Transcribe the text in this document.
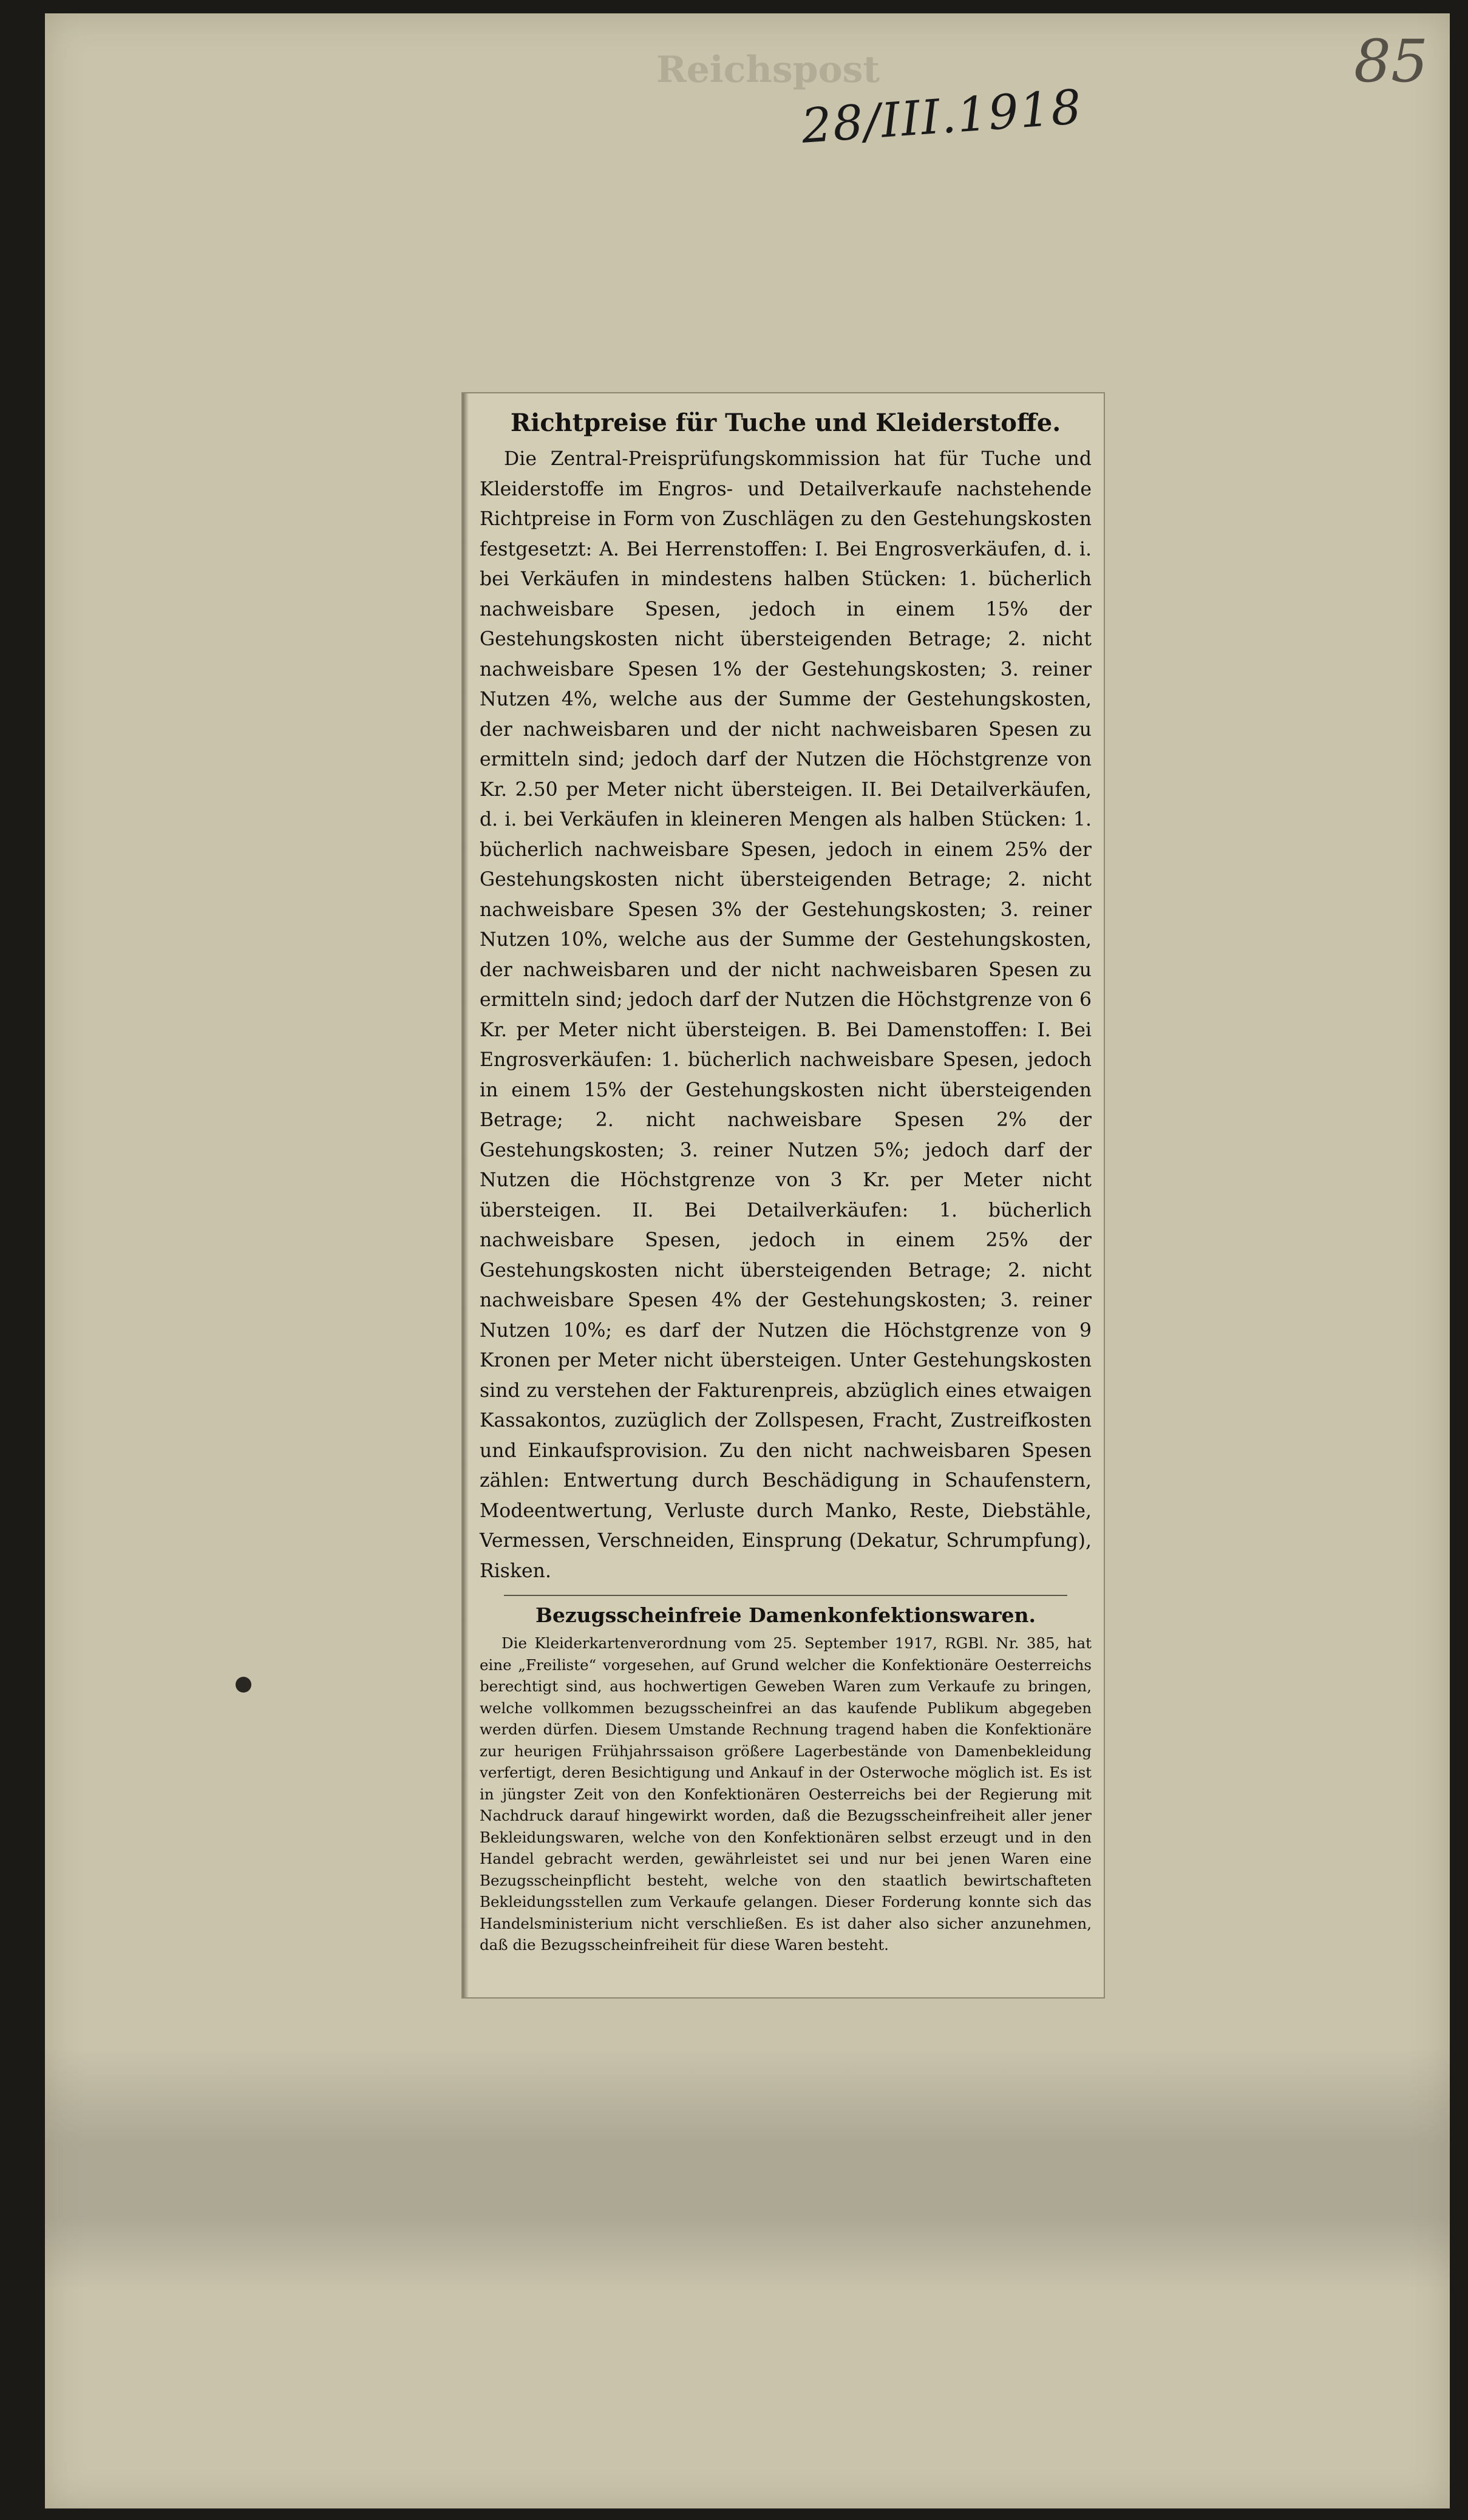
Reichspost
28/III.1918
85
Richtpreise für Tuche und Kleiderstoffe.

Die Zentral-Preisprüfungskommission hat für Tuche und Kleiderstoffe im Engros- und Detailverkaufe nachstehende Richtpreise in Form von Zuschlägen zu den Gestehungskosten festgesetzt: A. Bei Herrenstoffen: I. Bei Engrosverkäufen, d. i. bei Verkäufen in mindestens halben Stücken: 1. bücherlich nachweisbare Spesen, jedoch in einem 15% der Gestehungskosten nicht übersteigenden Betrage; 2. nicht nachweisbare Spesen 1% der Gestehungskosten; 3. reiner Nutzen 4%, welche aus der Summe der Gestehungskosten, der nachweisbaren und der nicht nachweisbaren Spesen zu ermitteln sind; jedoch darf der Nutzen die Höchstgrenze von Kr. 2.50 per Meter nicht übersteigen. II. Bei Detailverkäufen, d. i. bei Verkäufen in kleineren Mengen als halben Stücken: 1. bücherlich nachweisbare Spesen, jedoch in einem 25% der Gestehungskosten nicht übersteigenden Betrage; 2. nicht nachweisbare Spesen 3% der Gestehungskosten; 3. reiner Nutzen 10%, welche aus der Summe der Gestehungskosten, der nachweisbaren und der nicht nachweisbaren Spesen zu ermitteln sind; jedoch darf der Nutzen die Höchstgrenze von 6 Kr. per Meter nicht übersteigen. B. Bei Damenstoffen: I. Bei Engrosverkäufen: 1. bücherlich nachweisbare Spesen, jedoch in einem 15% der Gestehungskosten nicht übersteigenden Betrage; 2. nicht nachweisbare Spesen 2% der Gestehungskosten; 3. reiner Nutzen 5%; jedoch darf der Nutzen die Höchstgrenze von 3 Kr. per Meter nicht übersteigen. II. Bei Detailverkäufen: 1. bücherlich nachweisbare Spesen, jedoch in einem 25% der Gestehungskosten nicht übersteigenden Betrage; 2. nicht nachweisbare Spesen 4% der Gestehungskosten; 3. reiner Nutzen 10%; es darf der Nutzen die Höchstgrenze von 9 Kronen per Meter nicht übersteigen. Unter Gestehungskosten sind zu verstehen der Fakturenpreis, abzüglich eines etwaigen Kassakontos, zuzüglich der Zollspesen, Fracht, Zustreifkosten und Einkaufsprovision. Zu den nicht nachweisbaren Spesen zählen: Entwertung durch Beschädigung in Schaufenstern, Modeentwertung, Verluste durch Manko, Reste, Diebstähle, Vermessen, Verschneiden, Einsprung (Dekatur, Schrumpfung), Risken.

Bezugsscheinfreie Damenkonfektionswaren.

Die Kleiderkartenverordnung vom 25. September 1917, RGBl. Nr. 385, hat eine „Freiliste“ vorgesehen, auf Grund welcher die Konfektionäre Oesterreichs berechtigt sind, aus hochwertigen Geweben Waren zum Verkaufe zu bringen, welche vollkommen bezugsscheinfrei an das kaufende Publikum abgegeben werden dürfen. Diesem Umstande Rechnung tragend haben die Konfektionäre zur heurigen Frühjahrssaison größere Lagerbestände von Damenbekleidung verfertigt, deren Besichtigung und Ankauf in der Osterwoche möglich ist. Es ist in jüngster Zeit von den Konfektionären Oesterreichs bei der Regierung mit Nachdruck darauf hingewirkt worden, daß die Bezugsscheinfreiheit aller jener Bekleidungswaren, welche von den Konfektionären selbst erzeugt und in den Handel gebracht werden, gewährleistet sei und nur bei jenen Waren eine Bezugsscheinpflicht besteht, welche von den staatlich bewirtschafteten Bekleidungsstellen zum Verkaufe gelangen. Dieser Forderung konnte sich das Handelsministerium nicht verschließen. Es ist daher also sicher anzunehmen, daß die Bezugsscheinfreiheit für diese Waren besteht.
